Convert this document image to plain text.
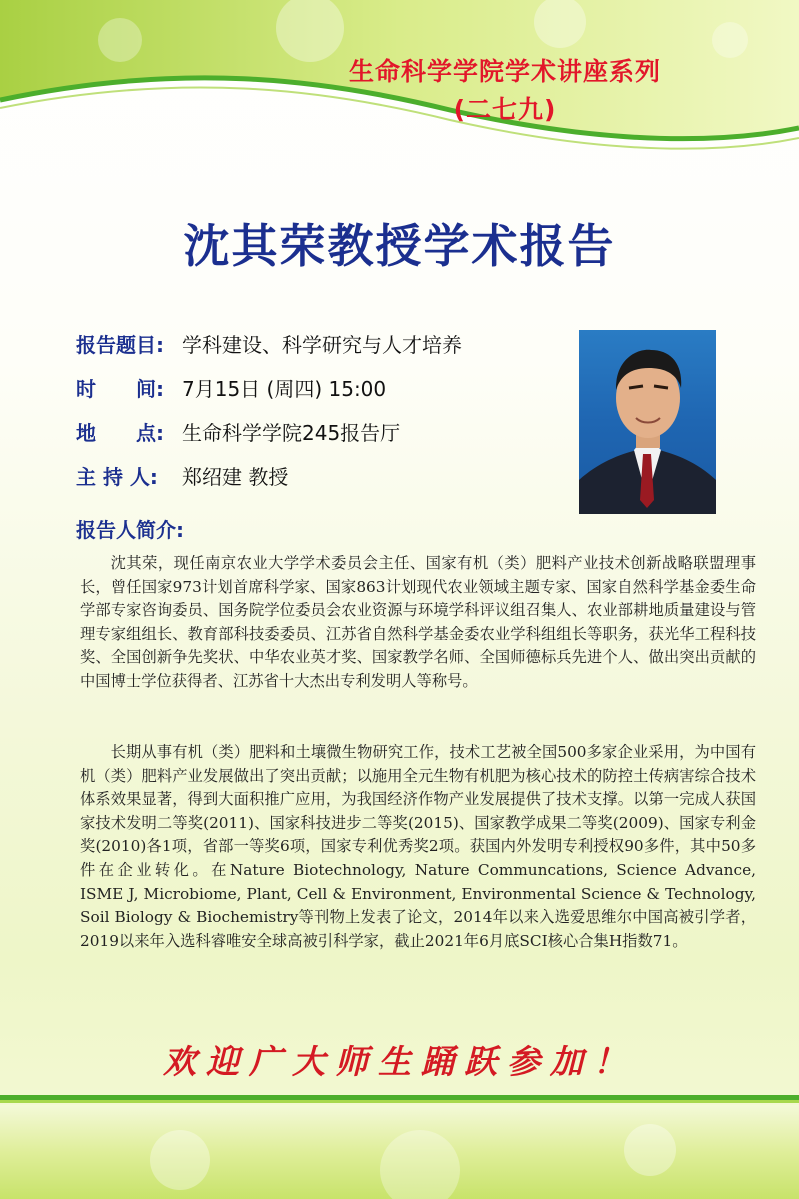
生命科学学院学术讲座系列
(二七九)
沈其荣教授学术报告
报告题目: 学科建设、科学研究与人才培养
时　　间: 7月15日 (周四) 15:00
地　　点: 生命科学学院245报告厅
主 持 人: 郑绍建 教授
报告人简介:

沈其荣，现任南京农业大学学术委员会主任、国家有机（类）肥料产业技术创新战略联盟理事长，曾任国家973计划首席科学家、国家863计划现代农业领域主题专家、国家自然科学基金委生命学部专家咨询委员、国务院学位委员会农业资源与环境学科评议组召集人、农业部耕地质量建设与管理专家组组长、教育部科技委委员、江苏省自然科学基金委农业学科组组长等职务，获光华工程科技奖、全国创新争先奖状、中华农业英才奖、国家教学名师、全国师德标兵先进个人、做出突出贡献的中国博士学位获得者、江苏省十大杰出专利发明人等称号。

长期从事有机（类）肥料和土壤微生物研究工作，技术工艺被全国500多家企业采用，为中国有机（类）肥料产业发展做出了突出贡献；以施用全元生物有机肥为核心技术的防控土传病害综合技术体系效果显著，得到大面积推广应用，为我国经济作物产业发展提供了技术支撑。以第一完成人获国家技术发明二等奖(2011)、国家科技进步二等奖(2015)、国家教学成果二等奖(2009)、国家专利金奖(2010)各1项，省部一等奖6项，国家专利优秀奖2项。获国内外发明专利授权90多件，其中50多件在企业转化。在Nature Biotechnology, Nature Communcations, Science Advance, ISME J, Microbiome, Plant, Cell & Environment, Environmental Science & Technology, Soil Biology & Biochemistry等刊物上发表了论文，2014年以来入选爱思维尔中国高被引学者，2019以来年入选科睿唯安全球高被引科学家，截止2021年6月底SCI核心合集H指数71。

欢迎广大师生踊跃参加！
